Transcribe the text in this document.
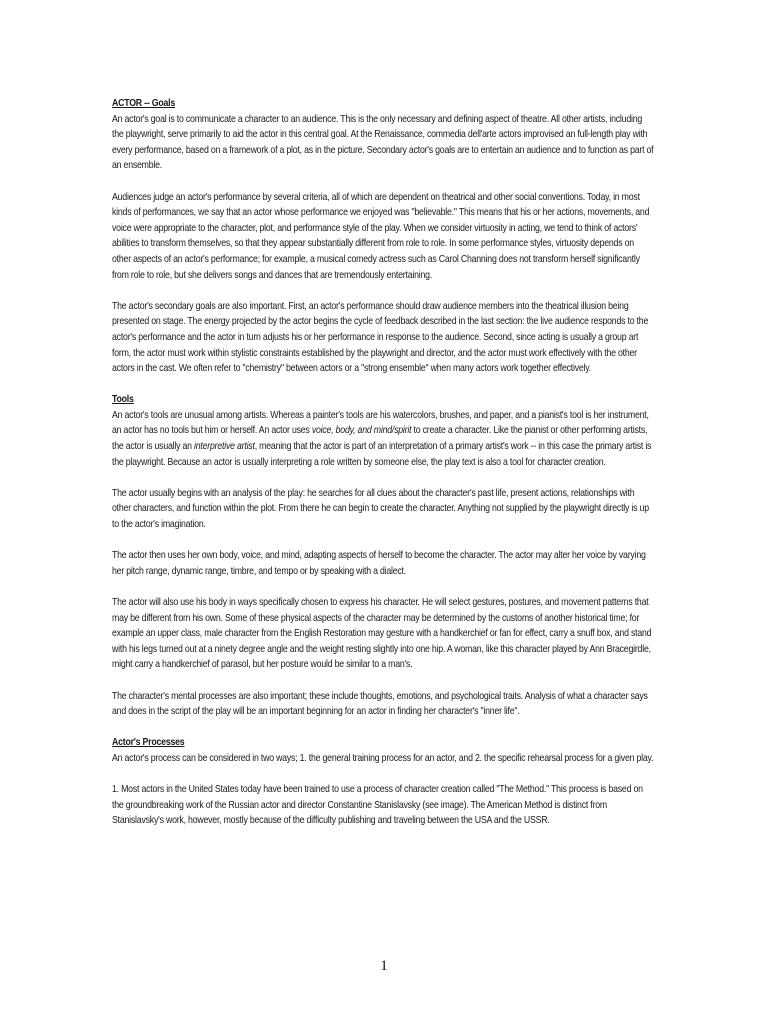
ACTOR -- Goals

An actor's goal is to communicate a character to an audience. This is the only necessary and defining aspect of theatre. All other artists, including the playwright, serve primarily to aid the actor in this central goal. At the Renaissance, commedia dell'arte actors improvised an full-length play with every performance, based on a framework of a plot, as in the picture. Secondary actor's goals are to entertain an audience and to function as part of an ensemble.

Audiences judge an actor's performance by several criteria, all of which are dependent on theatrical and other social conventions. Today, in most kinds of performances, we say that an actor whose performance we enjoyed was "believable." This means that his or her actions, movements, and voice were appropriate to the character, plot, and performance style of the play. When we consider virtuosity in acting, we tend to think of actors' abilities to transform themselves, so that they appear substantially different from role to role. In some performance styles, virtuosity depends on other aspects of an actor's performance; for example, a musical comedy actress such as Carol Channing does not transform herself significantly from role to role, but she delivers songs and dances that are tremendously entertaining.

The actor's secondary goals are also important. First, an actor's performance should draw audience members into the theatrical illusion being presented on stage. The energy projected by the actor begins the cycle of feedback described in the last section: the live audience responds to the actor's performance and the actor in turn adjusts his or her performance in response to the audience. Second, since acting is usually a group art form, the actor must work within stylistic constraints established by the playwright and director, and the actor must work effectively with the other actors in the cast. We often refer to "chemistry" between actors or a "strong ensemble" when many actors work together effectively.

Tools

An actor's tools are unusual among artists. Whereas a painter's tools are his watercolors, brushes, and paper, and a pianist's tool is her instrument, an actor has no tools but him or herself. An actor uses voice, body, and mind/spirit to create a character. Like the pianist or other performing artists, the actor is usually an interpretive artist, meaning that the actor is part of an interpretation of a primary artist's work -- in this case the primary artist is the playwright. Because an actor is usually interpreting a role written by someone else, the play text is also a tool for character creation.

The actor usually begins with an analysis of the play: he searches for all clues about the character's past life, present actions, relationships with other characters, and function within the plot. From there he can begin to create the character. Anything not supplied by the playwright directly is up to the actor's imagination.

The actor then uses her own body, voice, and mind, adapting aspects of herself to become the character. The actor may alter her voice by varying her pitch range, dynamic range, timbre, and tempo or by speaking with a dialect.

The actor will also use his body in ways specifically chosen to express his character. He will select gestures, postures, and movement patterns that may be different from his own. Some of these physical aspects of the character may be determined by the customs of another historical time; for example an upper class, male character from the English Restoration may gesture with a handkerchief or fan for effect, carry a snuff box, and stand with his legs turned out at a ninety degree angle and the weight resting slightly into one hip. A woman, like this character played by Ann Bracegirdle, might carry a handkerchief of parasol, but her posture would be similar to a man's.

The character's mental processes are also important; these include thoughts, emotions, and psychological traits. Analysis of what a character says and does in the script of the play will be an important beginning for an actor in finding her character's "inner life".

Actor's Processes

An actor's process can be considered in two ways; 1. the general training process for an actor, and 2. the specific rehearsal process for a given play.

1. Most actors in the United States today have been trained to use a process of character creation called "The Method." This process is based on the groundbreaking work of the Russian actor and director Constantine Stanislavsky (see image). The American Method is distinct from Stanislavsky's work, however, mostly because of the difficulty publishing and traveling between the USA and the USSR.

1
